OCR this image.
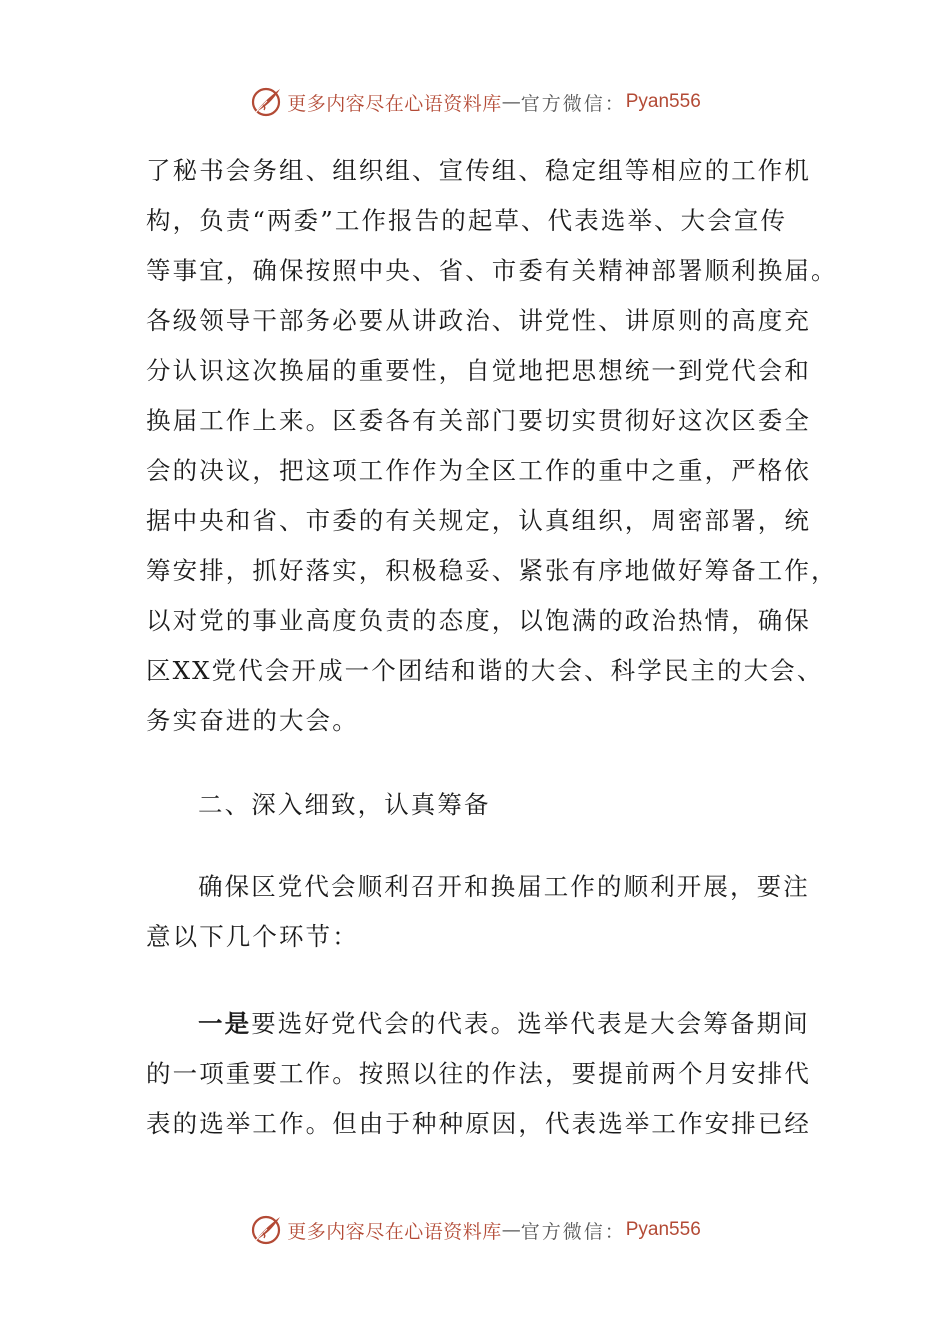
更多内容尽在心语资料库 — 官方微信： Pyan556

了秘书会务组、组织组、宣传组、稳定组等相应的工作机
构，负责“两委”工作报告的起草、代表选举、大会宣传
等事宜，确保按照中央、省、市委有关精神部署顺利换届。
各级领导干部务必要从讲政治、讲党性、讲原则的高度充
分认识这次换届的重要性，自觉地把思想统一到党代会和
换届工作上来。区委各有关部门要切实贯彻好这次区委全
会的决议，把这项工作作为全区工作的重中之重，严格依
据中央和省、市委的有关规定，认真组织，周密部署，统
筹安排，抓好落实，积极稳妥、紧张有序地做好筹备工作，
以对党的事业高度负责的态度，以饱满的政治热情，确保
区XX党代会开成一个团结和谐的大会、科学民主的大会、
务实奋进的大会。

二、深入细致，认真筹备

确保区党代会顺利召开和换届工作的顺利开展，要注
意以下几个环节：

一是要选好党代会的代表。选举代表是大会筹备期间
的一项重要工作。按照以往的作法，要提前两个月安排代
表的选举工作。但由于种种原因，代表选举工作安排已经

更多内容尽在心语资料库 — 官方微信： Pyan556
